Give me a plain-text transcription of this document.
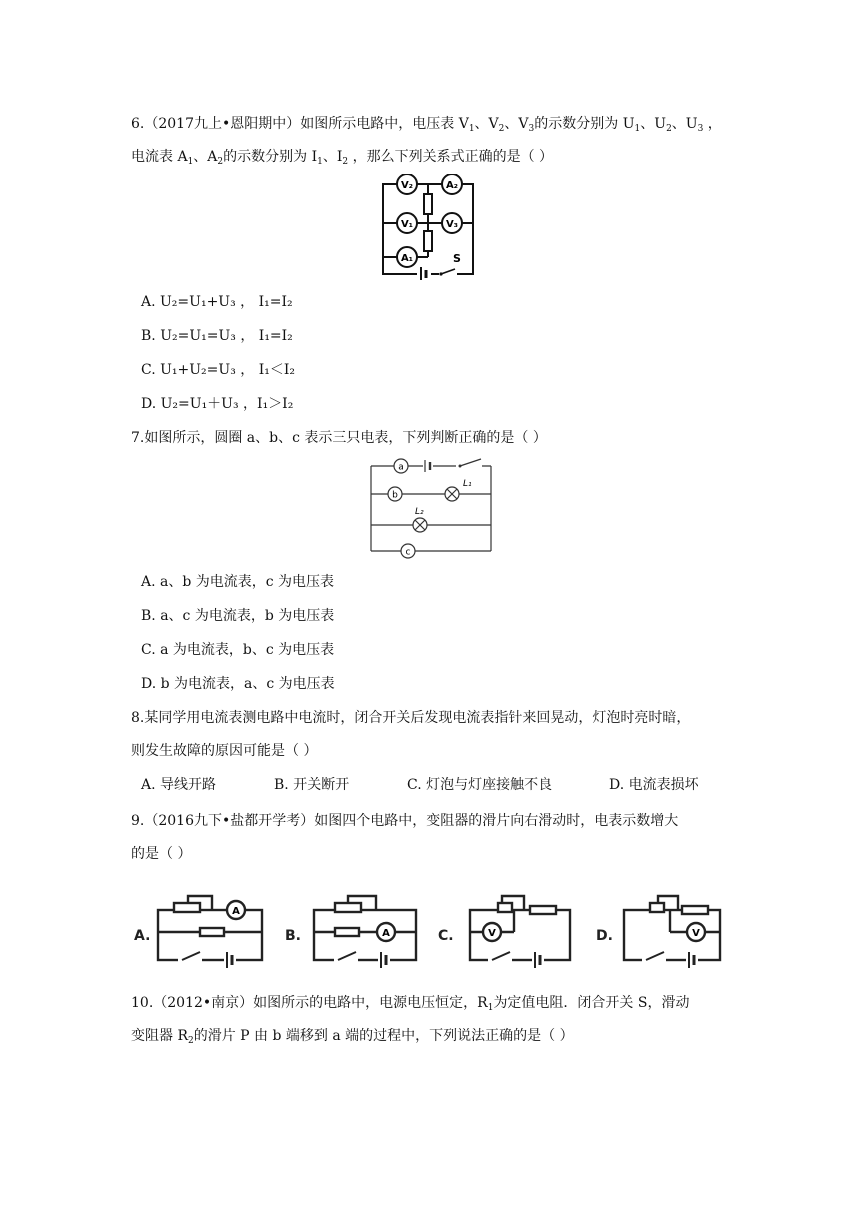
6.（2017九上•恩阳期中）如图所示电路中，电压表 $V_1$、$V_2$、$V_3$的示数分别为 $U_1$、$U_2$、$U_3$ ，
电流表 $A_1$、$A_2$的示数分别为 $I_1$、$I_2$ ，那么下列关系式正确的是（ ）
V₂	A₂
V₁	V₃
A₁	S
A. U₂=U₁+U₃ ， I₁=I₂
B. U₂=U₁=U₃ ， I₁=I₂
C. U₁+U₂=U₃ ， I₁＜I₂
D. U₂=U₁＋U₃ ，I₁＞I₂
7.如图所示，圆圈 a、b、c 表示三只电表，下列判断正确的是（ ）
a
b
L₁
L₂
c
A. a、b 为电流表，c 为电压表
B. a、c 为电流表，b 为电压表
C. a 为电流表，b、c 为电压表
D. b 为电流表，a、c 为电压表
8.某同学用电流表测电路中电流时，闭合开关后发现电流表指针来回晃动，灯泡时亮时暗，
则发生故障的原因可能是（ ）
A. 导线开路	B. 开关断开	C. 灯泡与灯座接触不良	D. 电流表损坏
9.（2016九下•盐都开学考）如图四个电路中，变阻器的滑片向右滑动时，电表示数增大
的是（ ）
A.	B.	C.	D.
A
A	V	V
10.（2012•南京）如图所示的电路中，电源电压恒定，$R_1$为定值电阻．闭合开关 S，滑动
变阻器 $R_2$的滑片 P 由 b 端移到 a 端的过程中，下列说法正确的是（ ）
